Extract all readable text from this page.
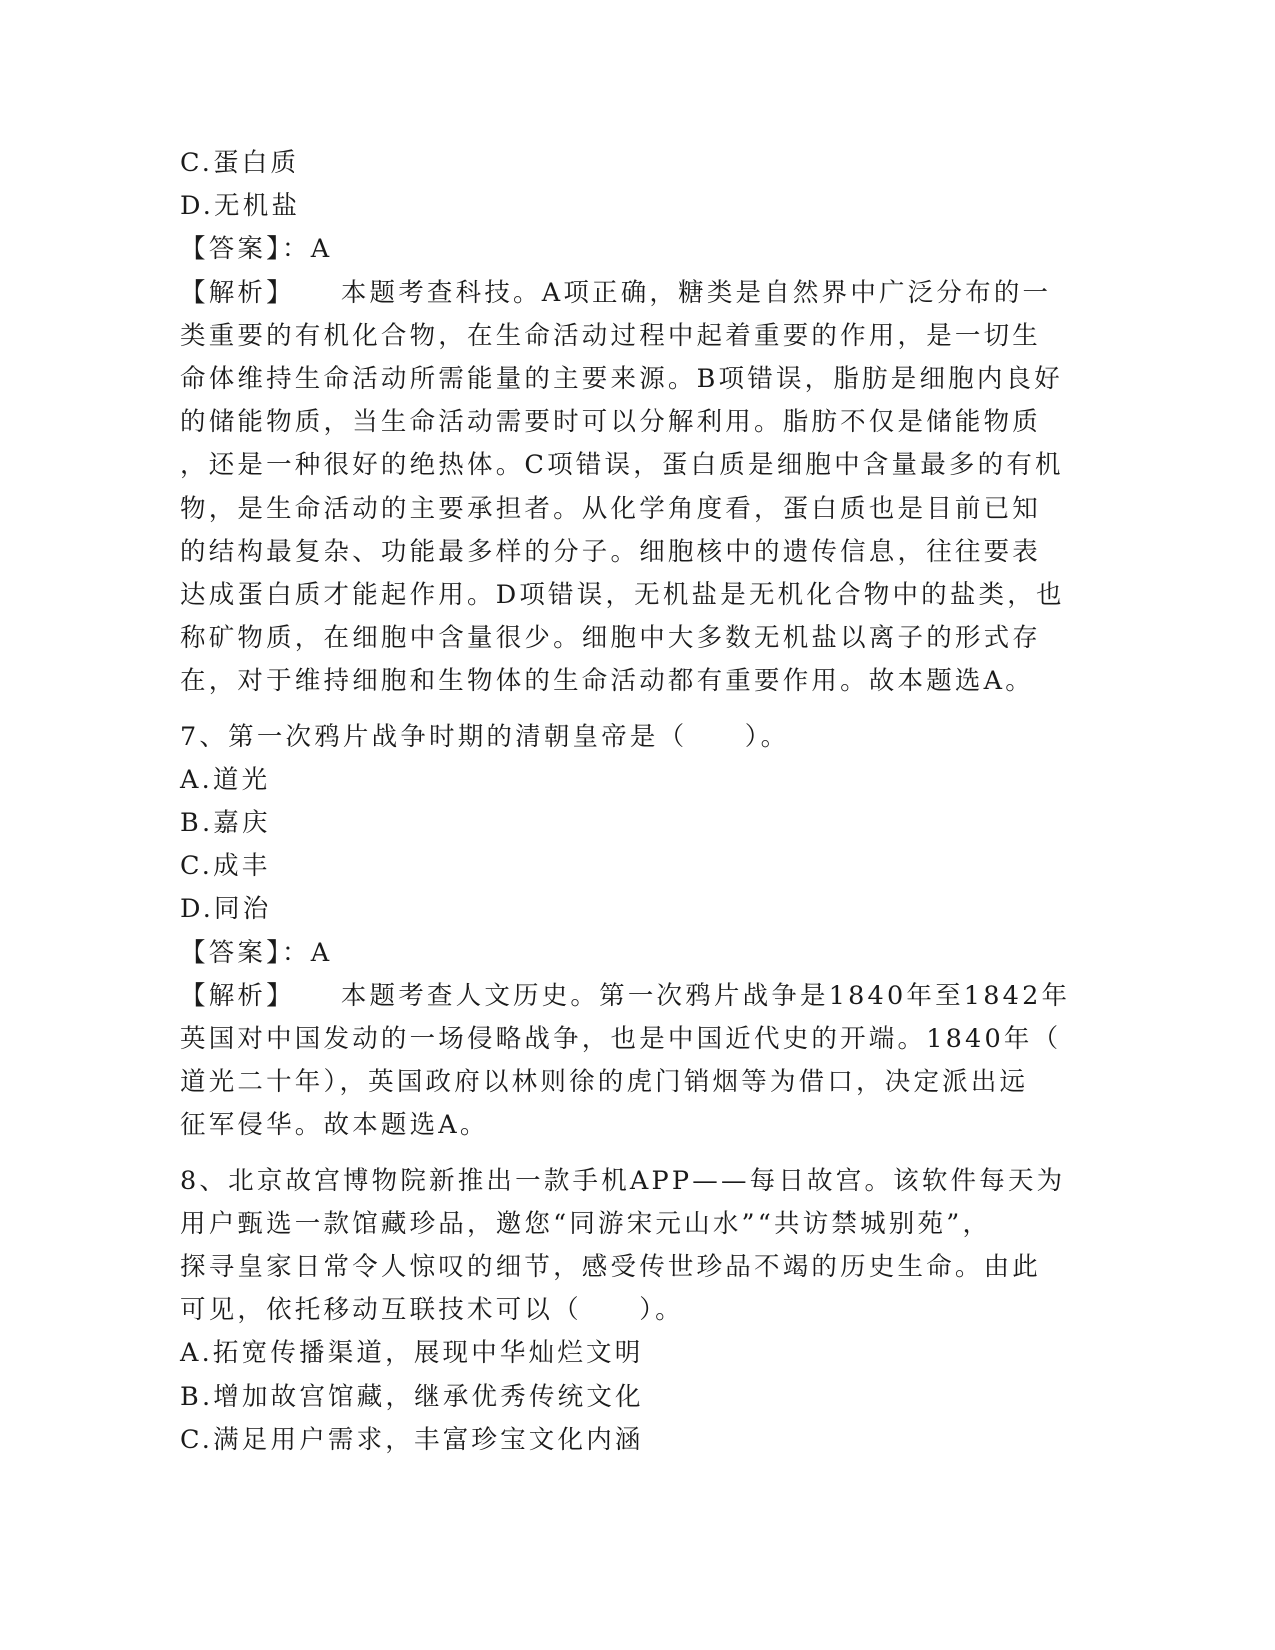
C.蛋白质

D.无机盐

【答案】：A

【解析】 本题考查科技。A项正确，糖类是自然界中广泛分布的一

类重要的有机化合物，在生命活动过程中起着重要的作用，是一切生

命体维持生命活动所需能量的主要来源。B项错误，脂肪是细胞内良好

的储能物质，当生命活动需要时可以分解利用。脂肪不仅是储能物质

，还是一种很好的绝热体。C项错误，蛋白质是细胞中含量最多的有机

物，是生命活动的主要承担者。从化学角度看，蛋白质也是目前已知

的结构最复杂、功能最多样的分子。细胞核中的遗传信息，往往要表

达成蛋白质才能起作用。D项错误，无机盐是无机化合物中的盐类，也

称矿物质，在细胞中含量很少。细胞中大多数无机盐以离子的形式存

在，对于维持细胞和生物体的生命活动都有重要作用。故本题选A。

7、第一次鸦片战争时期的清朝皇帝是（　　）。

A.道光

B.嘉庆

C.成丰

D.同治

【答案】：A

【解析】 本题考查人文历史。第一次鸦片战争是1840年至1842年

英国对中国发动的一场侵略战争，也是中国近代史的开端。1840年（

道光二十年），英国政府以林则徐的虎门销烟等为借口，决定派出远

征军侵华。故本题选A。

8、北京故宫博物院新推出一款手机APP——每日故宫。该软件每天为

用户甄选一款馆藏珍品，邀您“同游宋元山水”“共访禁城别苑”，

探寻皇家日常令人惊叹的细节，感受传世珍品不竭的历史生命。由此

可见，依托移动互联技术可以（　　）。

A.拓宽传播渠道，展现中华灿烂文明

B.增加故宫馆藏，继承优秀传统文化

C.满足用户需求，丰富珍宝文化内涵
